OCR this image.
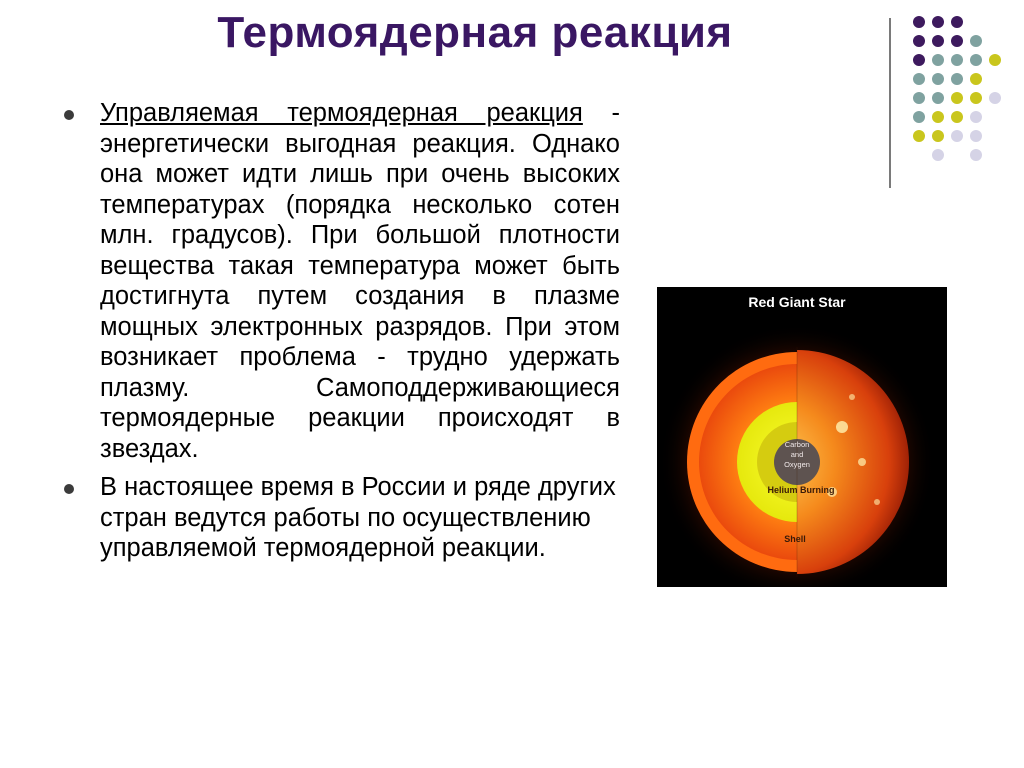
Термоядерная реакция
Управляемая термоядерная реакция - энергетически выгодная реакция. Однако она может идти лишь при очень высоких температурах (порядка несколько сотен млн. градусов). При большой плотности вещества такая температура может быть достигнута путем создания в плазме мощных электронных разрядов. При этом возникает проблема - трудно удержать плазму. Самоподдерживающиеся термоядерные реакции происходят в звездах.
В настоящее время в России и ряде других стран ведутся работы по осуществлению управляемой термоядерной реакции.
Red Giant Star
Carbon
and
Oxygen
Helium Burning
Shell
